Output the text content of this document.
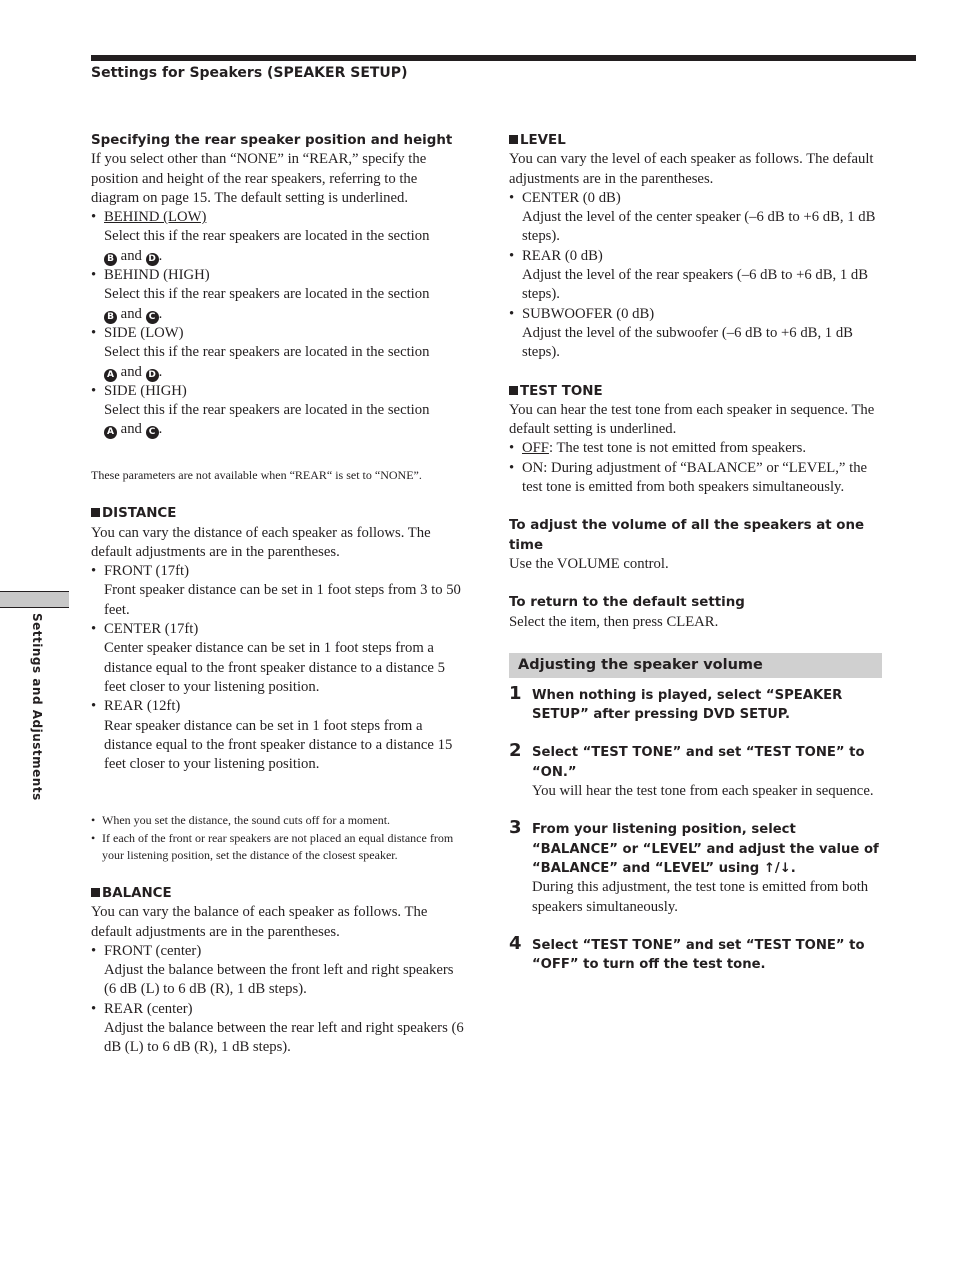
Settings for Speakers (SPEAKER SETUP)
Settings and Adjustments

Specifying the rear speaker position and height

If you select other than “NONE” in “REAR,” specify the position and height of the rear speakers, referring to the diagram on page 15. The default setting is underlined.

• BEHIND (LOW)

Select this if the rear speakers are located in the section
B and D .

• BEHIND (HIGH)

Select this if the rear speakers are located in the section
B and C .

• SIDE (LOW)

Select this if the rear speakers are located in the section
A and D .

• SIDE (HIGH)

Select this if the rear speakers are located in the section
A and C .

These parameters are not available when “REAR“ is set to “NONE”.

DISTANCE

You can vary the distance of each speaker as follows. The default adjustments are in the parentheses.

• FRONT (17ft)

Front speaker distance can be set in 1 foot steps from 3 to 50 feet.

• CENTER (17ft)

Center speaker distance can be set in 1 foot steps from a distance equal to the front speaker distance to a distance 5 feet closer to your listening position.

• REAR (12ft)

Rear speaker distance can be set in 1 foot steps from a distance equal to the front speaker distance to a distance 15 feet closer to your listening position.

• When you set the distance, the sound cuts off for a moment.

• If each of the front or rear speakers are not placed an equal distance from your listening position, set the distance of the closest speaker.

BALANCE

You can vary the balance of each speaker as follows. The default adjustments are in the parentheses.

• FRONT (center)

Adjust the balance between the front left and right speakers (6 dB (L) to 6 dB (R), 1 dB steps).

• REAR (center)

Adjust the balance between the rear left and right speakers (6 dB (L) to 6 dB (R), 1 dB steps).

LEVEL

You can vary the level of each speaker as follows. The default adjustments are in the parentheses.

• CENTER (0 dB)

Adjust the level of the center speaker (–6 dB to +6 dB, 1 dB steps).

• REAR (0 dB)

Adjust the level of the rear speakers (–6 dB to +6 dB, 1 dB steps).

• SUBWOOFER (0 dB)

Adjust the level of the subwoofer (–6 dB to +6 dB, 1 dB steps).

TEST TONE

You can hear the test tone from each speaker in sequence. The default setting is underlined.

• OFF: The test tone is not emitted from speakers.

• ON: During adjustment of “BALANCE” or “LEVEL,” the test tone is emitted from both speakers simultaneously.

To adjust the volume of all the speakers at one time

Use the VOLUME control.

To return to the default setting

Select the item, then press CLEAR.

Adjusting the speaker volume

1 When nothing is played, select “SPEAKER SETUP” after pressing DVD SETUP.

2 Select “TEST TONE” and set “TEST TONE” to “ON.”

You will hear the test tone from each speaker in sequence.

3 From your listening position, select “BALANCE” or “LEVEL” and adjust the value of “BALANCE” and “LEVEL” using ↑/↓.

During this adjustment, the test tone is emitted from both speakers simultaneously.

4 Select “TEST TONE” and set “TEST TONE” to “OFF” to turn off the test tone.
